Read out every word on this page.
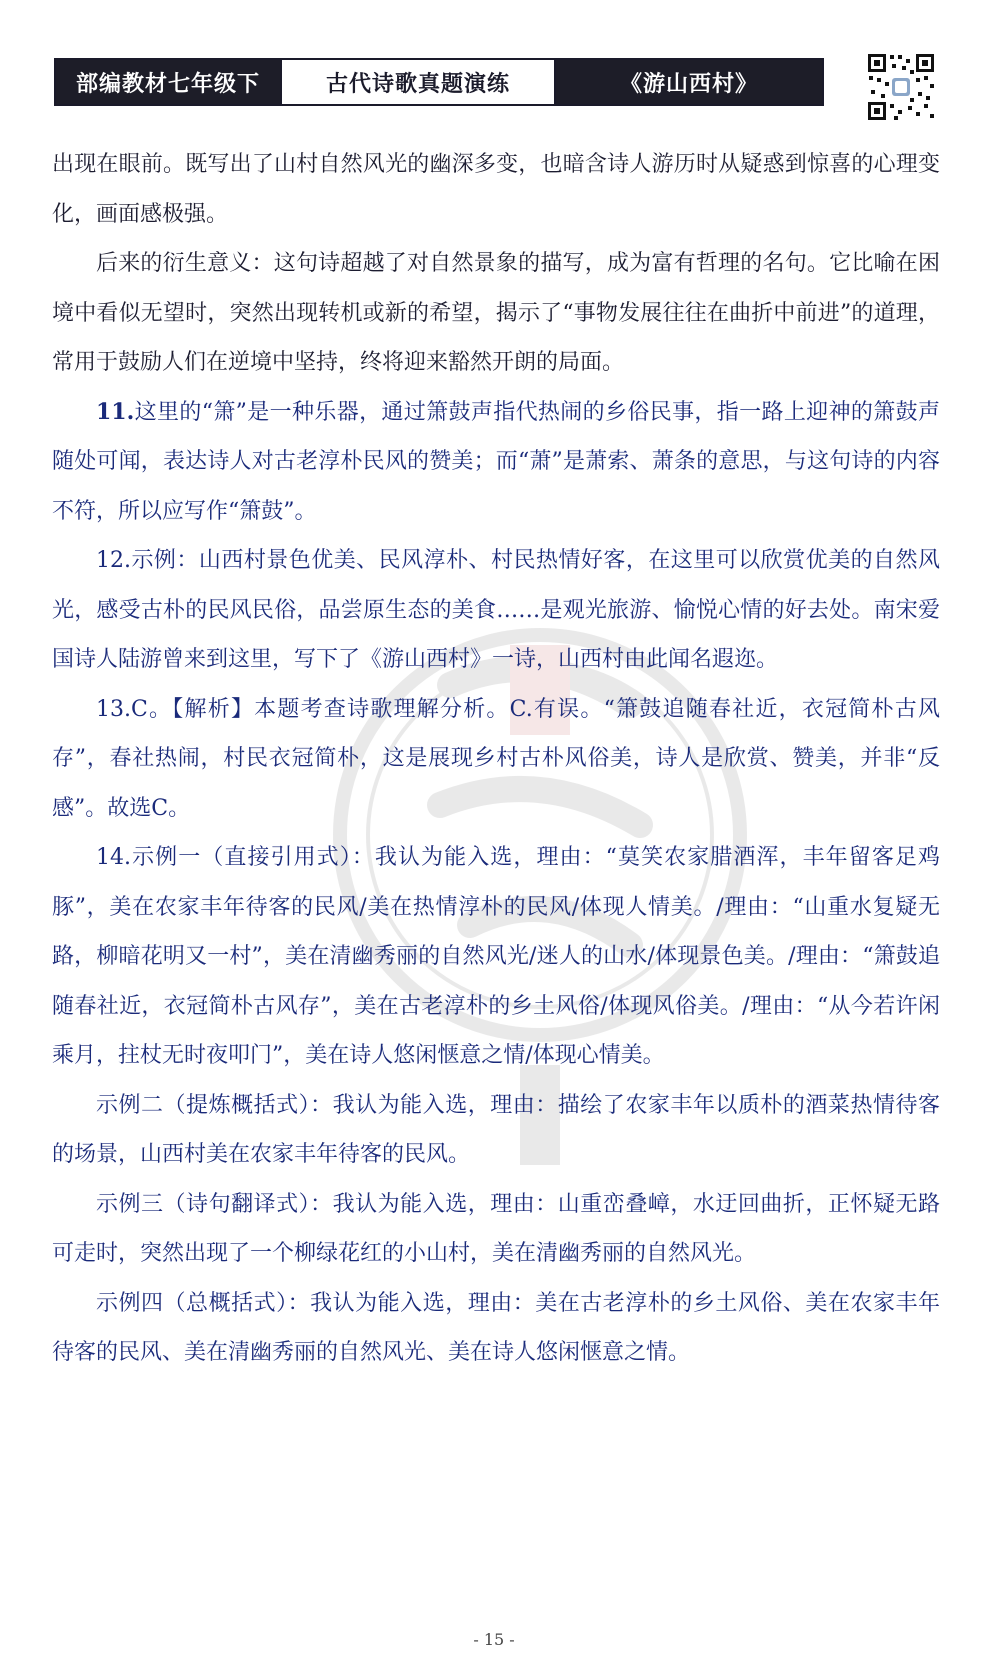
部编教材七年级下	古代诗歌真题演练	《游山西村》

出现在眼前。既写出了山村自然风光的幽深多变，也暗含诗人游历时从疑惑到惊喜的心理变化，画面感极强。

后来的衍生意义：这句诗超越了对自然景象的描写，成为富有哲理的名句。它比喻在困境中看似无望时，突然出现转机或新的希望，揭示了“事物发展往往在曲折中前进”的道理，常用于鼓励人们在逆境中坚持，终将迎来豁然开朗的局面。

11.这里的“箫”是一种乐器，通过箫鼓声指代热闹的乡俗民事，指一路上迎神的箫鼓声随处可闻，表达诗人对古老淳朴民风的赞美；而“萧”是萧索、萧条的意思，与这句诗的内容不符，所以应写作“箫鼓”。

12.示例：山西村景色优美、民风淳朴、村民热情好客，在这里可以欣赏优美的自然风光，感受古朴的民风民俗，品尝原生态的美食……是观光旅游、愉悦心情的好去处。南宋爱国诗人陆游曾来到这里，写下了《游山西村》一诗，山西村由此闻名遐迩。

13.C。【解析】本题考查诗歌理解分析。C.有误。“箫鼓追随春社近，衣冠简朴古风存”，春社热闹，村民衣冠简朴，这是展现乡村古朴风俗美，诗人是欣赏、赞美，并非“反感”。故选C。

14.示例一（直接引用式）：我认为能入选，理由：“莫笑农家腊酒浑，丰年留客足鸡豚”，美在农家丰年待客的民风/美在热情淳朴的民风/体现人情美。/理由：“山重水复疑无路，柳暗花明又一村”，美在清幽秀丽的自然风光/迷人的山水/体现景色美。/理由：“箫鼓追随春社近，衣冠简朴古风存”，美在古老淳朴的乡土风俗/体现风俗美。/理由：“从今若许闲乘月，拄杖无时夜叩门”，美在诗人悠闲惬意之情/体现心情美。

示例二（提炼概括式）：我认为能入选，理由：描绘了农家丰年以质朴的酒菜热情待客的场景，山西村美在农家丰年待客的民风。

示例三（诗句翻译式）：我认为能入选，理由：山重峦叠嶂，水迂回曲折，正怀疑无路可走时，突然出现了一个柳绿花红的小山村，美在清幽秀丽的自然风光。

示例四（总概括式）：我认为能入选，理由：美在古老淳朴的乡土风俗、美在农家丰年待客的民风、美在清幽秀丽的自然风光、美在诗人悠闲惬意之情。

- 15 -
